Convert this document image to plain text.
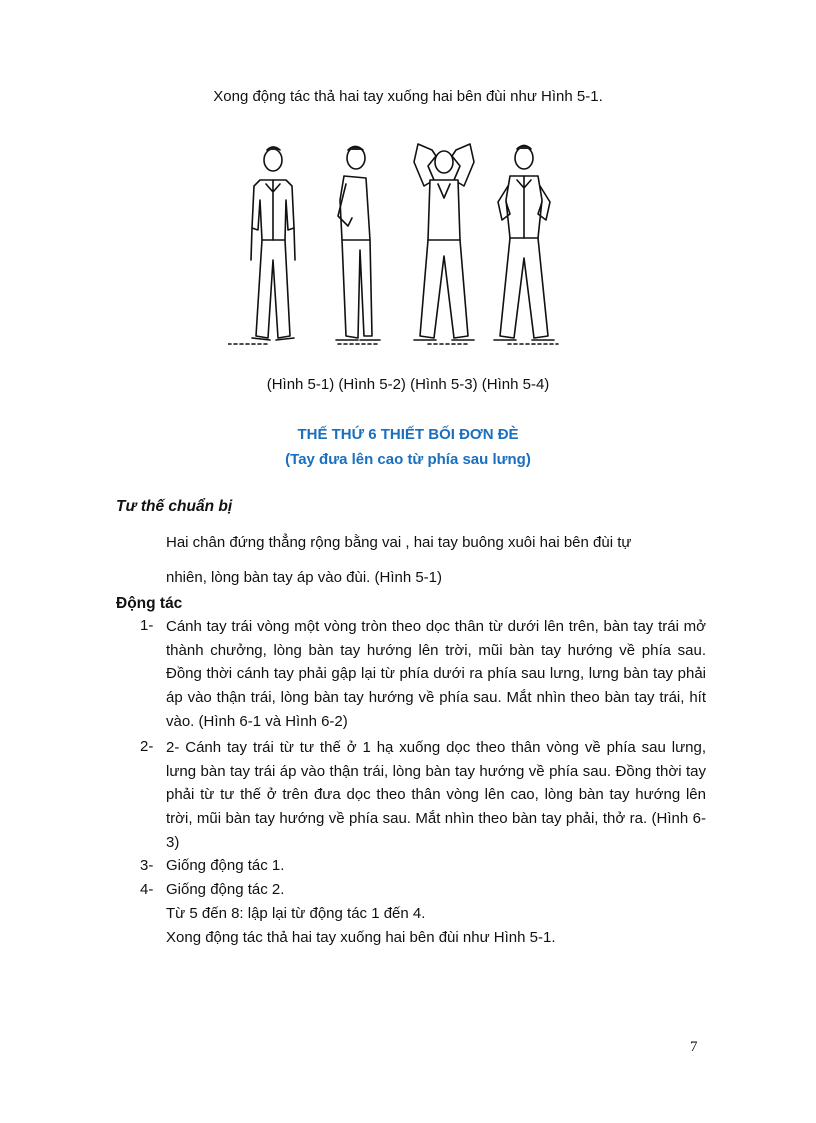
Xong động tác thả hai tay xuống hai bên đùi như Hình 5-1.
(Hình 5-1) (Hình 5-2) (Hình 5-3) (Hình 5-4)
THẾ THỨ 6 THIẾT BỐI ĐƠN ĐÈ
(Tay đưa lên cao từ phía sau lưng)
Tư thế chuẩn bị
Hai chân đứng thẳng rộng bằng vai , hai tay buông xuôi hai bên đùi tự
nhiên, lòng bàn tay áp vào đùi. (Hình 5-1)
Động tác
1- Cánh tay trái vòng một vòng tròn theo dọc thân từ dưới lên trên, bàn tay trái mở thành chưởng, lòng bàn tay hướng lên trời, mũi bàn tay hướng về phía sau. Đồng thời cánh tay phải gập lại từ phía dưới ra phía sau lưng, lưng bàn tay phải áp vào thận trái, lòng bàn tay hướng về phía sau. Mắt nhìn theo bàn tay trái, hít vào. (Hình 6-1 và Hình 6-2)
2- 2- Cánh tay trái từ tư thế ở 1 hạ xuống dọc theo thân vòng về phía sau lưng, lưng bàn tay trái áp vào thận trái, lòng bàn tay hướng về phía sau. Đồng thời tay phải từ tư thế ở trên đưa dọc theo thân vòng lên cao, lòng bàn tay hướng lên trời, mũi bàn tay hướng về phía sau. Mắt nhìn theo bàn tay phải, thở ra. (Hình 6-3)
3- Giống động tác 1.
4- Giống động tác 2.
Từ 5 đến 8: lập lại từ động tác 1 đến 4.
Xong động tác thả hai tay xuống hai bên đùi như Hình 5-1.
7
